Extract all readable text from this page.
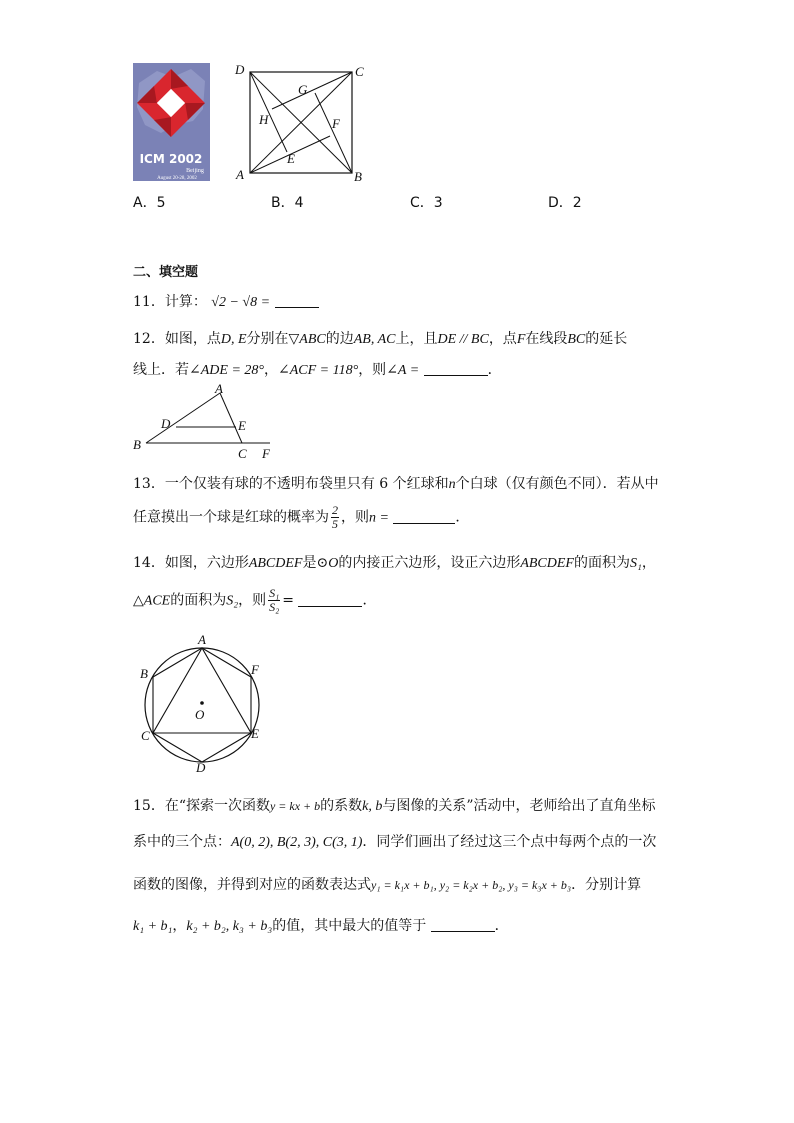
ICM 2002
Beijing
August 20-28, 2002
D	C
A	B
G
H	F
E
A．5	B．4	C．3	D．2
二、填空题
11．计算： √2 − √8 =
12．如图，点D, E分别在▽ABC的边AB, AC上，且DE // BC，点F在线段BC的延长
线上．若∠ADE = 28°，∠ACF = 118°，则∠A =	．
A
D	E
B
C F
13．一个仅装有球的不透明布袋里只有 6 个红球和n个白球（仅有颜色不同）．若从中
任意摸出一个球是红球的概率为 $\frac{2}{5}$ ，则n =	．
14．如图，六边形ABCDEF是⊙O的内接正六边形，设正六边形ABCDEF的面积为S₁，
△ACE的面积为S₂，则 $\frac{\text{S₁}}{\text{S₂}}$ =	．
A
B	F
O
C	E
D
15．在“探索一次函数y = kx + b的系数k, b与图像的关系”活动中，老师给出了直角坐标
系中的三个点：A(0, 2), B(2, 3), C(3, 1)．同学们画出了经过这三个点中每两个点的一次
函数的图像，并得到对应的函数表达式y₁ = k₁x + b₁, y₂ = k₂x + b₂, y₃ = k₃x + b₃．分别计算
k₁ + b₁，k₂ + b₂, k₃ + b₃的值，其中最大的值等于	．
